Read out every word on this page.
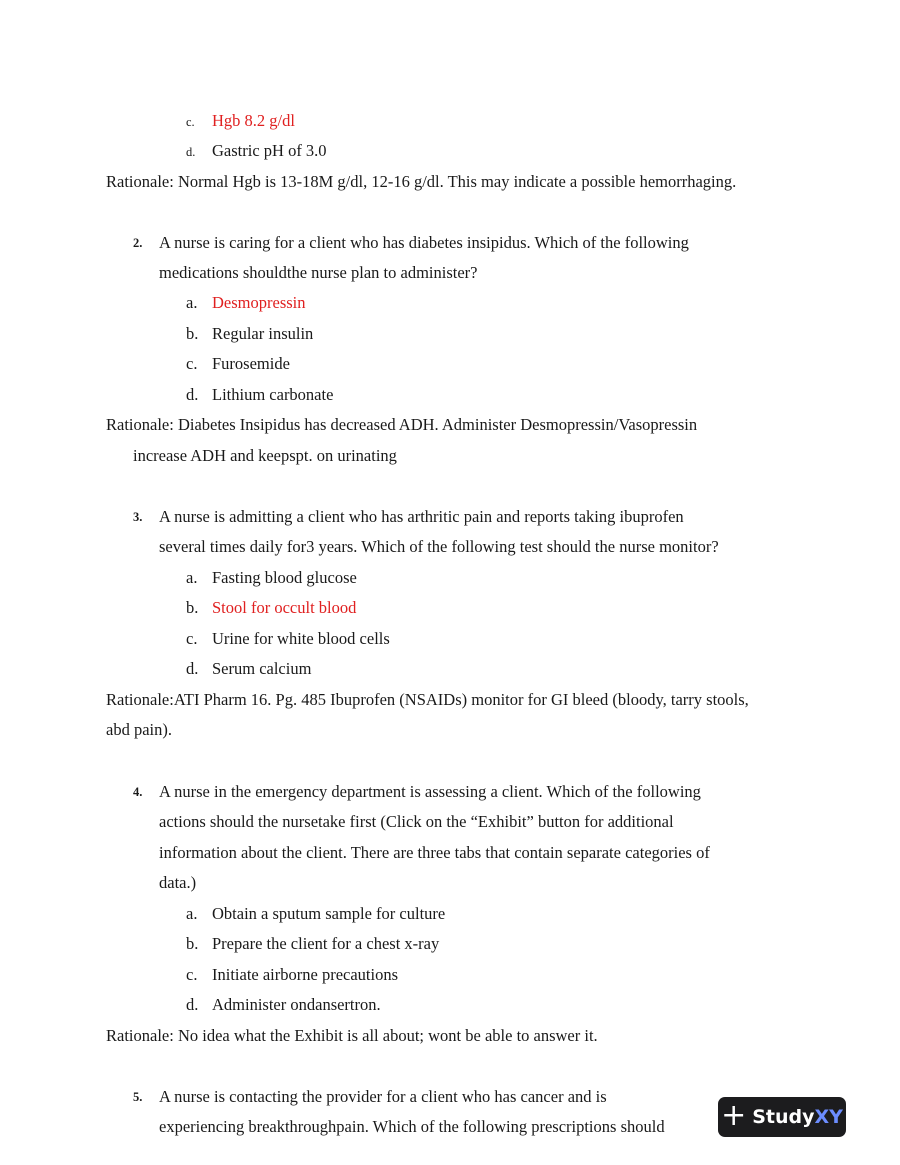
c. Hgb 8.2 g/dl
d. Gastric pH of 3.0
Rationale: Normal Hgb is 13-18M g/dl, 12-16 g/dl. This may indicate a possible hemorrhaging.
2. A nurse is caring for a client who has diabetes insipidus. Which of the following
medications shouldthe nurse plan to administer?
a. Desmopressin
b. Regular insulin
c. Furosemide
d. Lithium carbonate
Rationale: Diabetes Insipidus has decreased ADH. Administer Desmopressin/Vasopressin
increase ADH and keepspt. on urinating
3. A nurse is admitting a client who has arthritic pain and reports taking ibuprofen
several times daily for3 years. Which of the following test should the nurse monitor?
a. Fasting blood glucose
b. Stool for occult blood
c. Urine for white blood cells
d. Serum calcium
Rationale:ATI Pharm 16. Pg. 485 Ibuprofen (NSAIDs) monitor for GI bleed (bloody, tarry stools,
abd pain).
4. A nurse in the emergency department is assessing a client. Which of the following
actions should the nursetake first (Click on the “Exhibit” button for additional
information about the client. There are three tabs that contain separate categories of
data.)
a. Obtain a sputum sample for culture
b. Prepare the client for a chest x-ray
c. Initiate airborne precautions
d. Administer ondansertron.
Rationale: No idea what the Exhibit is all about; wont be able to answer it.
5. A nurse is contacting the provider for a client who has cancer and is
experiencing breakthroughpain. Which of the following prescriptions should + Study XY
